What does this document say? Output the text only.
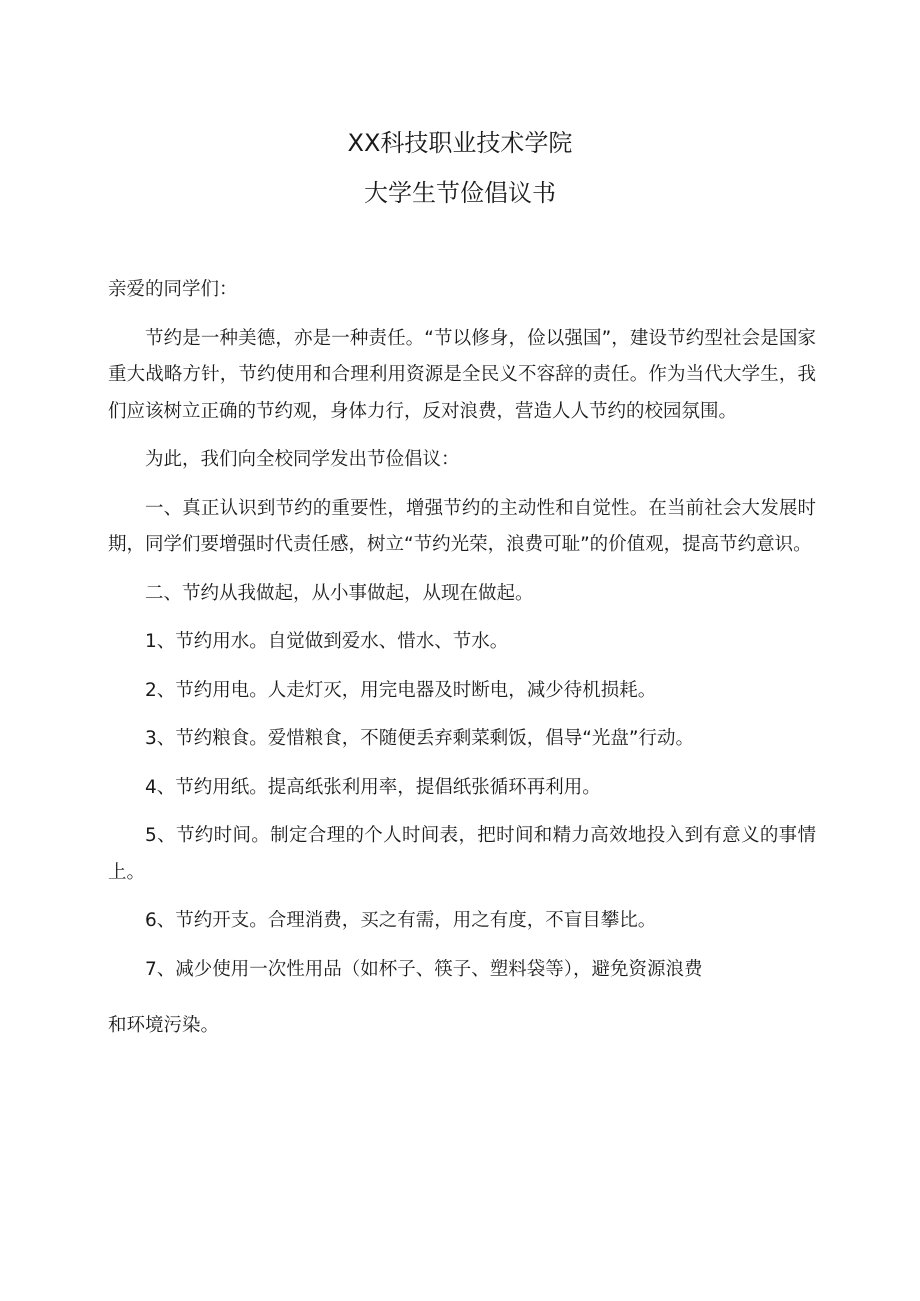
XX科技职业技术学院
大学生节俭倡议书

亲爱的同学们：

节约是一种美德，亦是一种责任。“节以修身，俭以强国”，建设节约型社会是国家重大战略方针，节约使用和合理利用资源是全民义不容辞的责任。作为当代大学生，我们应该树立正确的节约观，身体力行，反对浪费，营造人人节约的校园氛围。

为此，我们向全校同学发出节俭倡议：

一、真正认识到节约的重要性，增强节约的主动性和自觉性。在当前社会大发展时期，同学们要增强时代责任感，树立“节约光荣，浪费可耻”的价值观，提高节约意识。

二、节约从我做起，从小事做起，从现在做起。

1、节约用水。自觉做到爱水、惜水、节水。

2、节约用电。人走灯灭，用完电器及时断电，减少待机损耗。

3、节约粮食。爱惜粮食，不随便丢弃剩菜剩饭，倡导“光盘”行动。

4、节约用纸。提高纸张利用率，提倡纸张循环再利用。

5、节约时间。制定合理的个人时间表，把时间和精力高效地投入到有意义的事情上。

6、节约开支。合理消费，买之有需，用之有度，不盲目攀比。

7、减少使用一次性用品（如杯子、筷子、塑料袋等），避免资源浪费

和环境污染。
